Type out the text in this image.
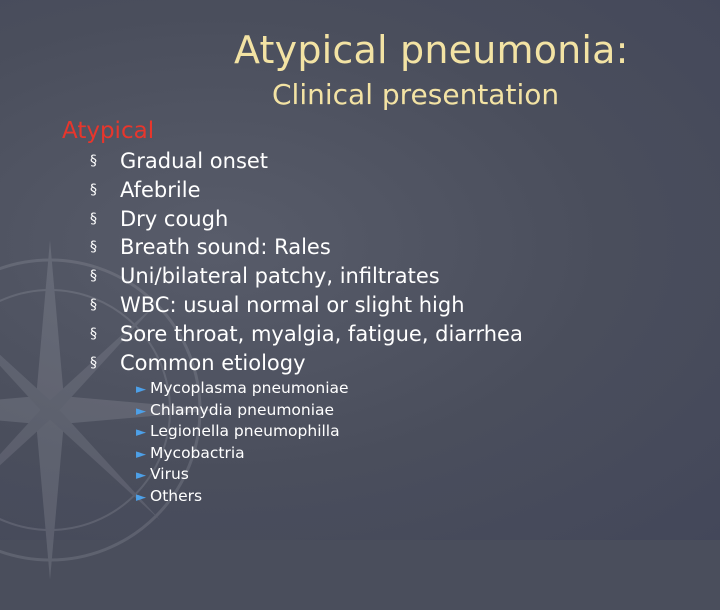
Atypical pneumonia:
Clinical presentation
Atypical
§ Gradual onset
§ Afebrile
§ Dry cough
§ Breath sound: Rales
§ Uni/bilateral patchy, infiltrates
§ WBC: usual normal or slight high
§ Sore throat, myalgia, fatigue, diarrhea
§ Common etiology
► Mycoplasma pneumoniae
► Chlamydia pneumoniae
► Legionella pneumophilla
► Mycobactria
► Virus
► Others
